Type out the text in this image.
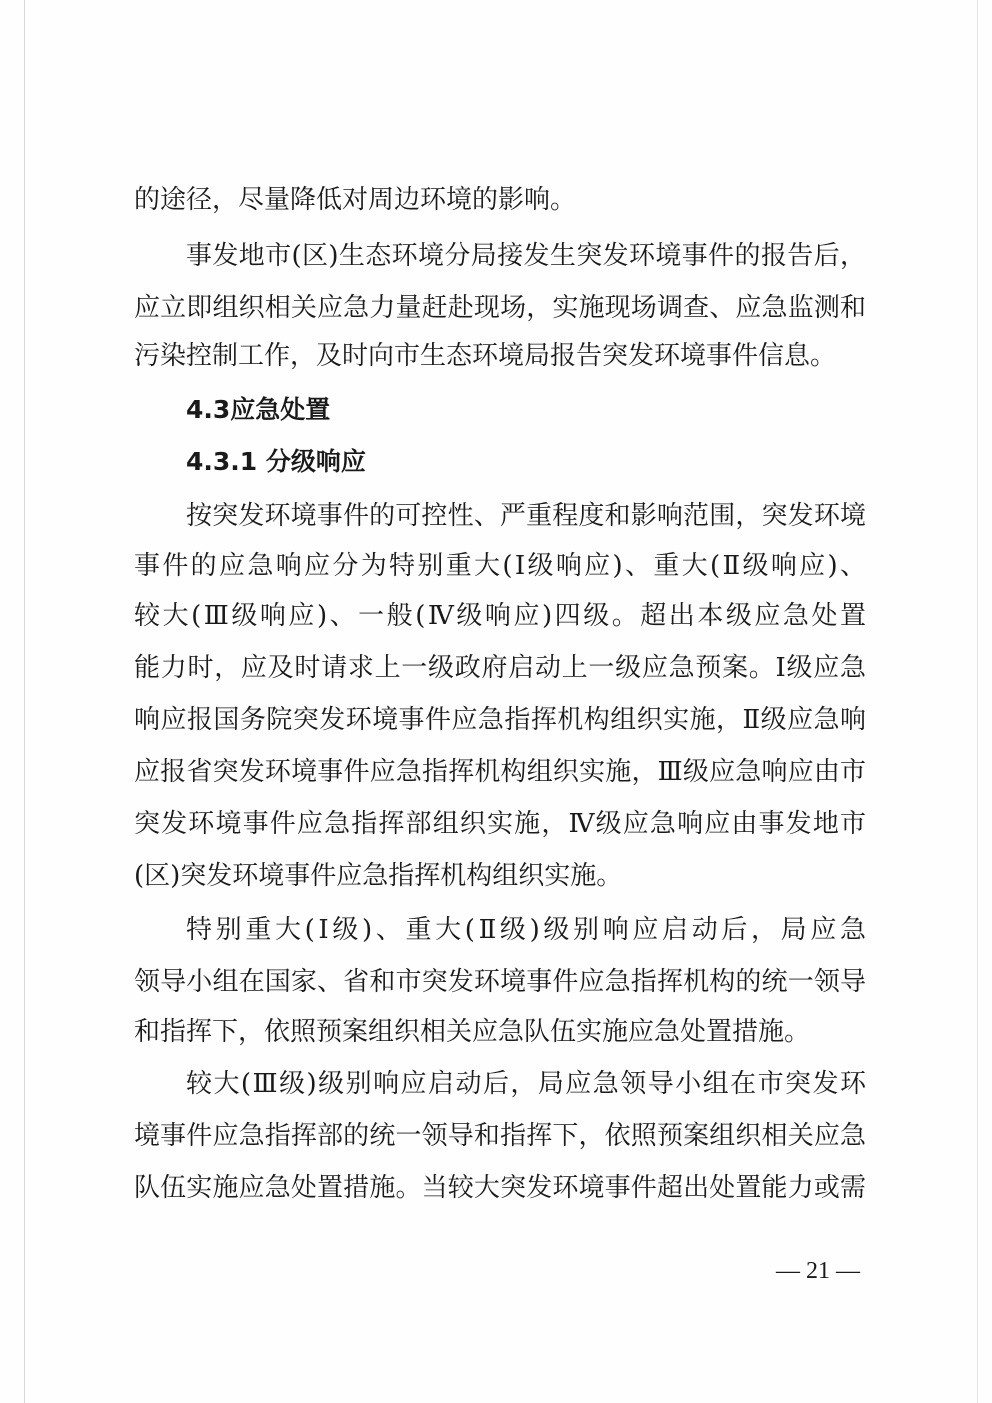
的途径，尽量降低对周边环境的影响。
事发地市(区)生态环境分局接发生突发环境事件的报告后，
应立即组织相关应急力量赶赴现场，实施现场调查、应急监测和
污染控制工作，及时向市生态环境局报告突发环境事件信息。
4.3应急处置
4.3.1 分级响应
按突发环境事件的可控性、严重程度和影响范围，突发环境
事件的应急响应分为特别重大(Ⅰ级响应)、重大(Ⅱ级响应)、
较大(Ⅲ级响应)、一般(Ⅳ级响应)四级。超出本级应急处置
能力时，应及时请求上一级政府启动上一级应急预案。Ⅰ级应急
响应报国务院突发环境事件应急指挥机构组织实施，Ⅱ级应急响
应报省突发环境事件应急指挥机构组织实施，Ⅲ级应急响应由市
突发环境事件应急指挥部组织实施，Ⅳ级应急响应由事发地市
(区)突发环境事件应急指挥机构组织实施。
特别重大(Ⅰ级)、重大(Ⅱ级)级别响应启动后，局应急
领导小组在国家、省和市突发环境事件应急指挥机构的统一领导
和指挥下，依照预案组织相关应急队伍实施应急处置措施。
较大(Ⅲ级)级别响应启动后，局应急领导小组在市突发环
境事件应急指挥部的统一领导和指挥下，依照预案组织相关应急
队伍实施应急处置措施。当较大突发环境事件超出处置能力或需
— 21 —
